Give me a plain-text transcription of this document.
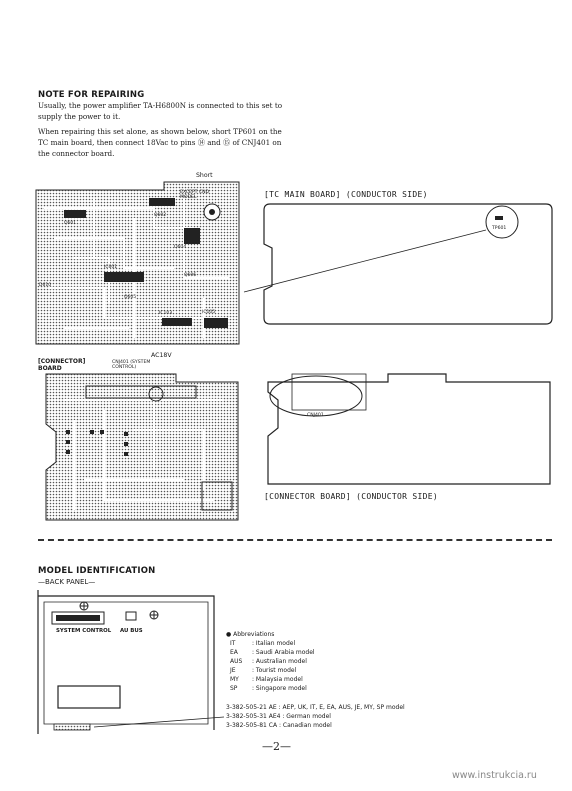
NOTE FOR REPAIRING
Usually, the power amplifier TA-H6800N is connected to this set to supply the power to it.
When repairing this set alone, as shown below, short TP601 on the TC main board, then connect 18Vac to pins ⑭ and ⑮ of CNJ401 on the connector board.
Q601
Q602
IC601
Q604
Q606
IC103	IC105
Q605
D610
Short
EXCEPT CND MODEL	[TC MAIN BOARD] (CONDUCTOR SIDE)
TP601
[CONNECTOR] BOARD
CNJ401 (SYSTEM CONTROL)
AC18V
CNJ401
[CONNECTOR BOARD] (CONDUCTOR SIDE)
MODEL IDENTIFICATION
—BACK PANEL—
SYSTEM CONTROL AU BUS	● Abbreviations
IT	: Italian model
EA : Saudi Arabia model
AUS : Australian model
JE	: Tourist model
MY : Malaysia model
SP : Singapore model
3-382-505-21 AE : AEP, UK, IT, E, EA, AUS, JE, MY, SP model
3-382-505-31 AE4 : German model
3-382-505-81 CA : Canadian model
—2—
www.instrukcia.ru
